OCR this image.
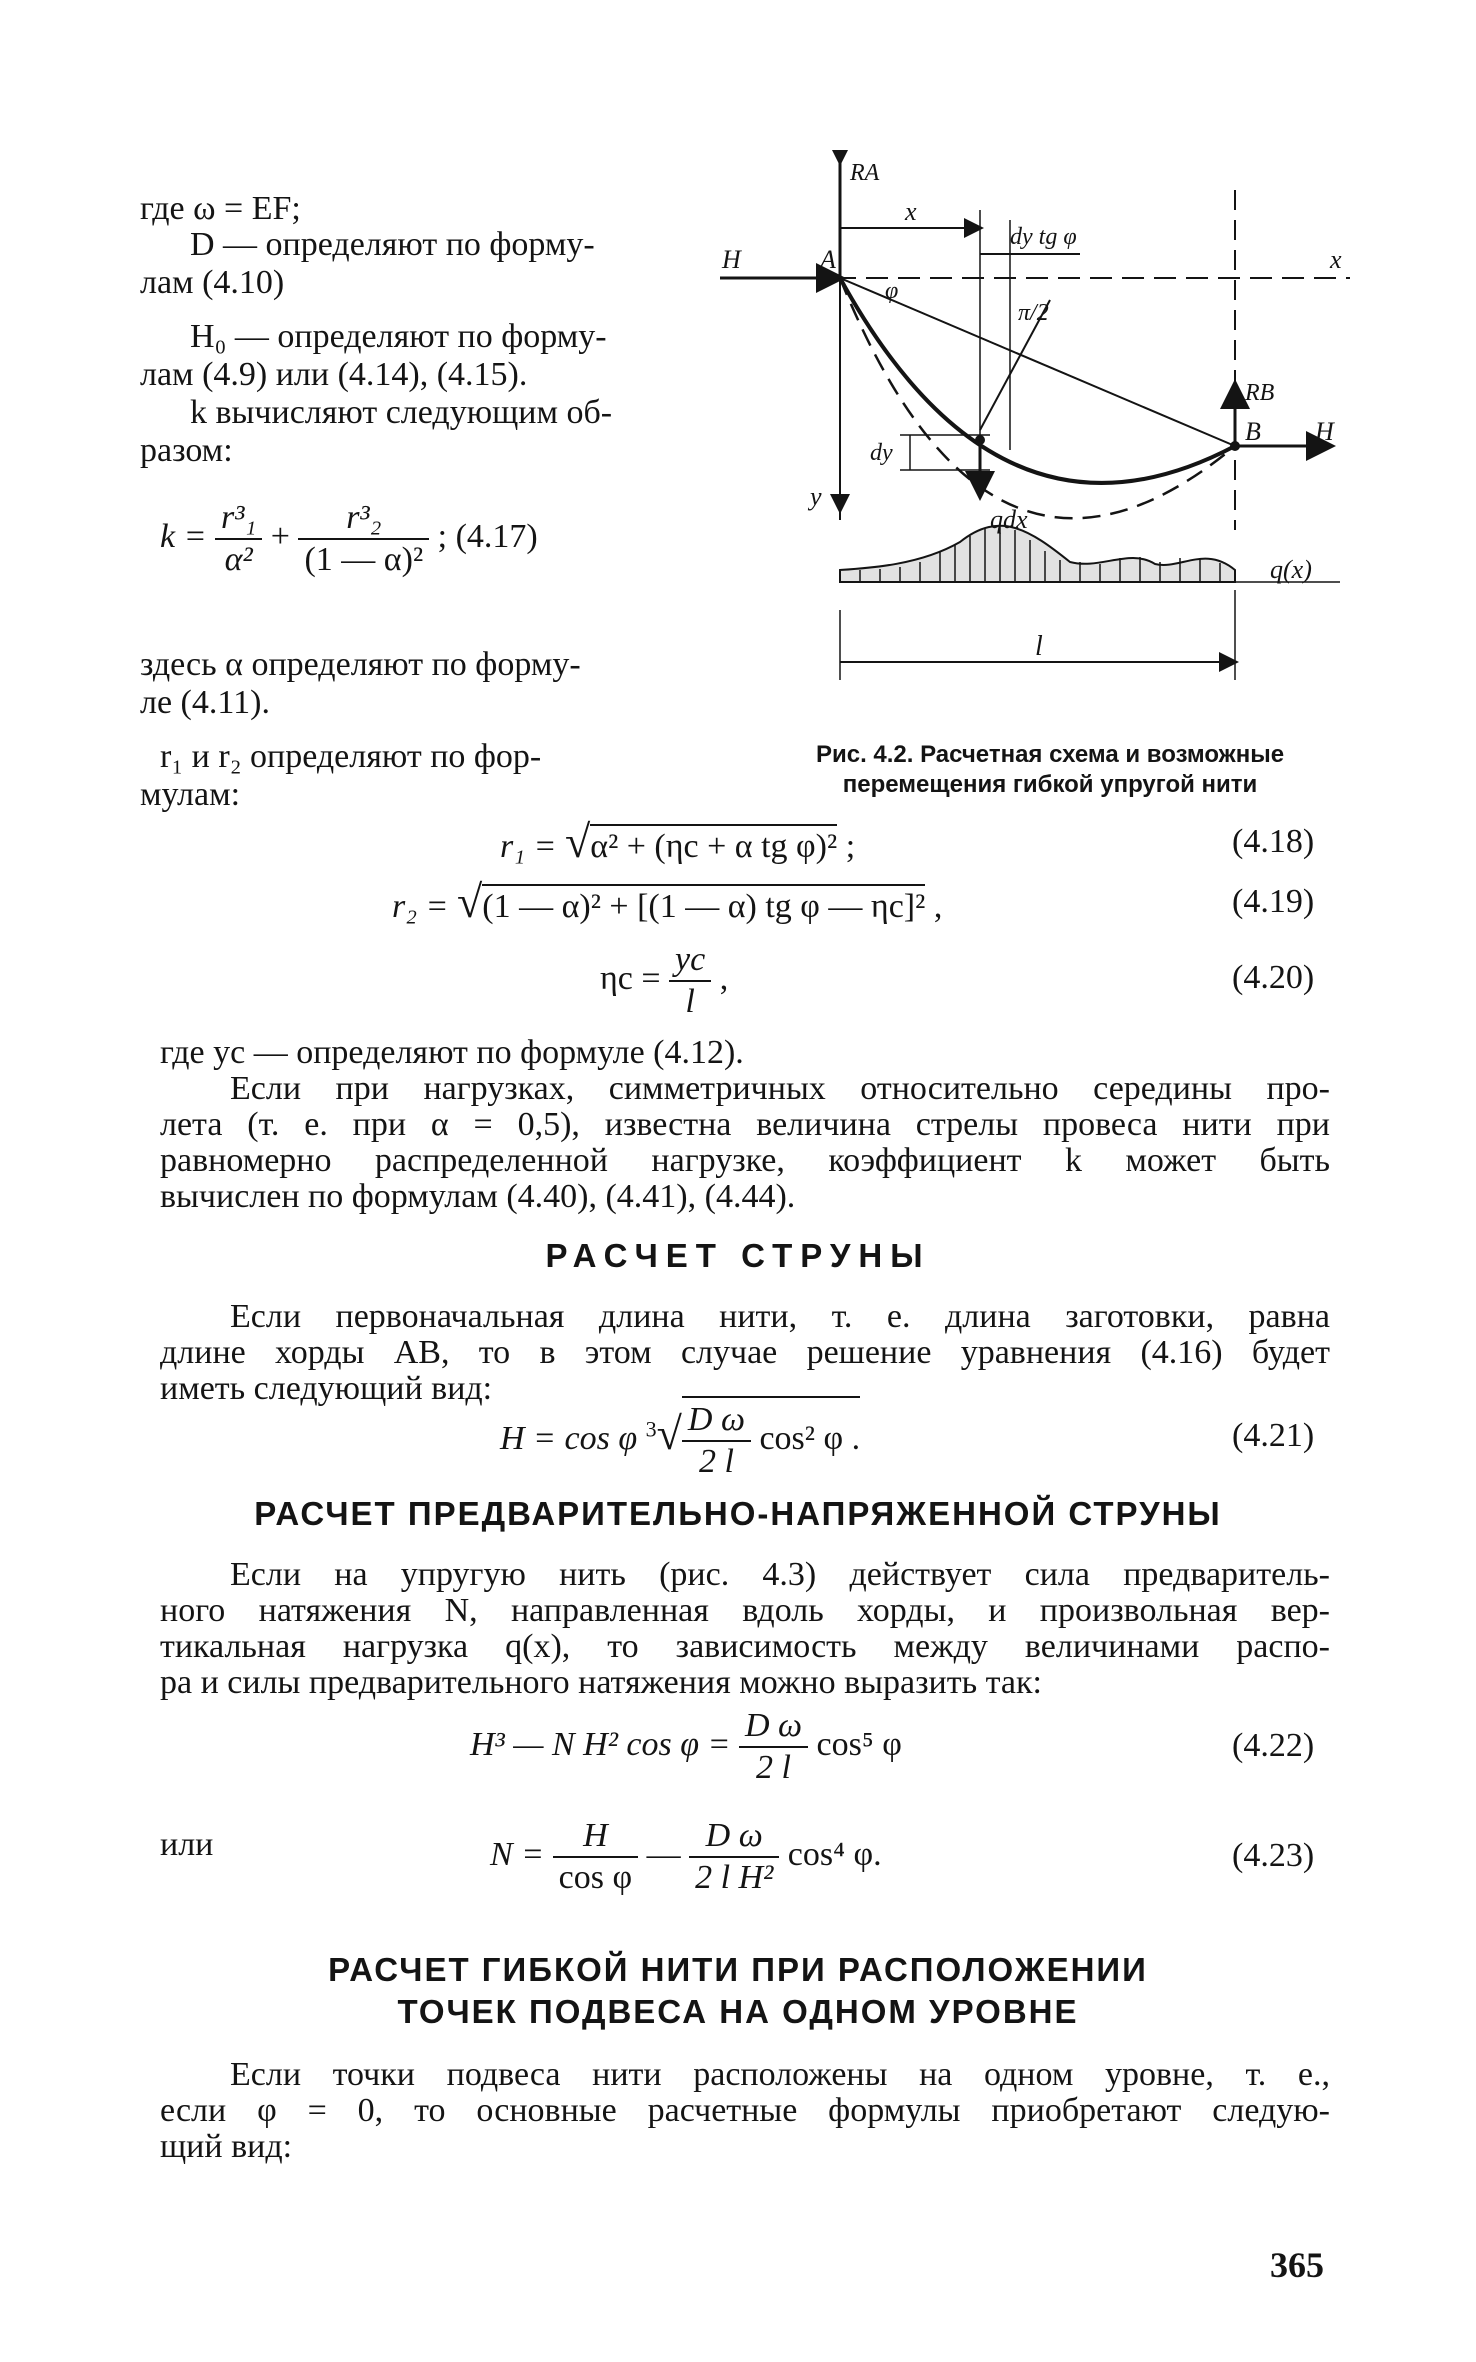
где ω = EF;
D — определяют по форму-
лам (4.10)
H₀ — определяют по форму-
лам (4.9) или (4.14), (4.15).
k вычисляют следующим об-
разом:
$k = \frac{\text{r³₁}}{\text{α²}} + \frac{\text{r³₂}}{\text{(1 — α)²}}$ ; (4.17)
здесь α определяют по форму-
ле (4.11).
r₁ и r₂ определяют по фор-
мулам:
RA
x
dy tg φ
H	A
φ
π/2
x
RB
B H
dy
y
qdx
q(x)
l
Рис. 4.2. Расчетная схема и возможные
перемещения гибкой упругой нити
r₁ = √α² + (ηc + α tg φ)² ;	(4.18)
r₂ = √(1 — α)² + [(1 — α) tg φ — ηc]² ,	(4.19)
$\eta c = \frac{yc}{l}$ ,	(4.20)
где yc — определяют по формуле (4.12).
Если при нагрузках, симметричных относительно середины про-
лета (т. е. при α = 0,5), известна величина стрелы провеса нити при
равномерно распределенной нагрузке, коэффициент k может быть
вычислен по формулам (4.40), (4.41), (4.44).
РАСЧЕТ СТРУНЫ
Если первоначальная длина нити, т. е. длина заготовки, равна
длине хорды AB, то в этом случае решение уравнения (4.16) будет
иметь следующий вид:
H = cos φ $^3√ \frac{\text{D ω}}{2 l} \cos^2$ φ .	(4.21)
РАСЧЕТ ПРЕДВАРИТЕЛЬНО-НАПРЯЖЕННОЙ СТРУНЫ
Если на упругую нить (рис. 4.3) действует сила предваритель-
ного натяжения N, направленная вдоль хорды, и произвольная вер-
тикальная нагрузка q(x), то зависимость между величинами распо-
ра и силы предварительного натяжения можно выразить так:
H³ — N H² $\cos \varphi = \frac{\text{D ω}}{2 l} \cos^5$ φ	(4.22)
или	$N = \frac{H}{\text{cos φ}}$ — $\frac{\text{D ω}}{\text{2 l H²}} \cos^4$ φ.	(4.23)
РАСЧЕТ ГИБКОЙ НИТИ ПРИ РАСПОЛОЖЕНИИ
ТОЧЕК ПОДВЕСА НА ОДНОМ УРОВНЕ
Если точки подвеса нити расположены на одном уровне, т. е.,
если φ = 0, то основные расчетные формулы приобретают следую-
щий вид:
365
